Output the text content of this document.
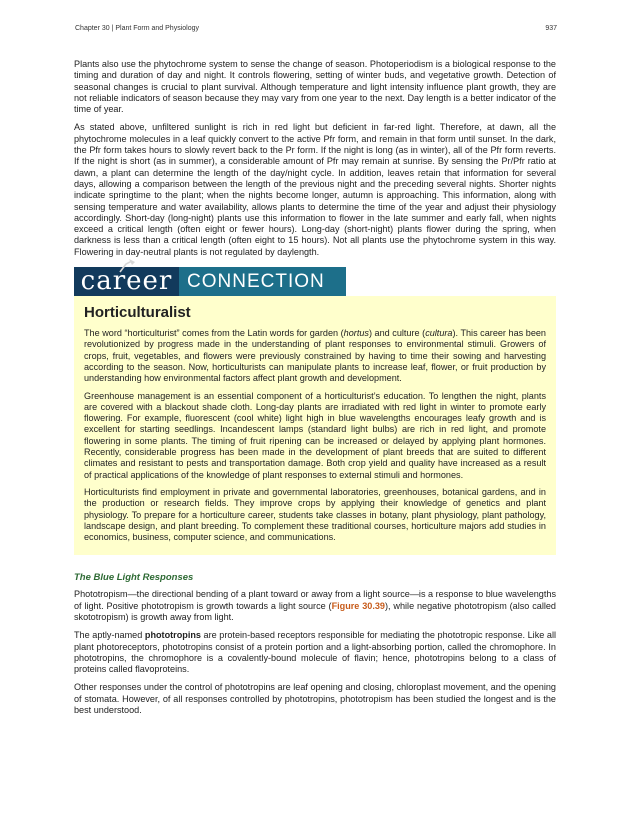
Chapter 30 | Plant Form and Physiology	937

Plants also use the phytochrome system to sense the change of season. Photoperiodism is a biological response to the timing and duration of day and night. It controls flowering, setting of winter buds, and vegetative growth. Detection of seasonal changes is crucial to plant survival. Although temperature and light intensity influence plant growth, they are not reliable indicators of season because they may vary from one year to the next. Day length is a better indicator of the time of year.

As stated above, unfiltered sunlight is rich in red light but deficient in far-red light. Therefore, at dawn, all the phytochrome molecules in a leaf quickly convert to the active Pfr form, and remain in that form until sunset. In the dark, the Pfr form takes hours to slowly revert back to the Pr form. If the night is long (as in winter), all of the Pfr form reverts. If the night is short (as in summer), a considerable amount of Pfr may remain at sunrise. By sensing the Pr/Pfr ratio at dawn, a plant can determine the length of the day/night cycle. In addition, leaves retain that information for several days, allowing a comparison between the length of the previous night and the preceding several nights. Shorter nights indicate springtime to the plant; when the nights become longer, autumn is approaching. This information, along with sensing temperature and water availability, allows plants to determine the time of the year and adjust their physiology accordingly. Short-day (long-night) plants use this information to flower in the late summer and early fall, when nights exceed a critical length (often eight or fewer hours). Long-day (short-night) plants flower during the spring, when darkness is less than a critical length (often eight to 15 hours). Not all plants use the phytochrome system in this way. Flowering in day-neutral plants is not regulated by daylength.

career CONNECTION
Horticulturalist

The word “horticulturist” comes from the Latin words for garden (hortus) and culture (cultura). This career has been revolutionized by progress made in the understanding of plant responses to environmental stimuli. Growers of crops, fruit, vegetables, and flowers were previously constrained by having to time their sowing and harvesting according to the season. Now, horticulturists can manipulate plants to increase leaf, flower, or fruit production by understanding how environmental factors affect plant growth and development.

Greenhouse management is an essential component of a horticulturist’s education. To lengthen the night, plants are covered with a blackout shade cloth. Long-day plants are irradiated with red light in winter to promote early flowering. For example, fluorescent (cool white) light high in blue wavelengths encourages leafy growth and is excellent for starting seedlings. Incandescent lamps (standard light bulbs) are rich in red light, and promote flowering in some plants. The timing of fruit ripening can be increased or delayed by applying plant hormones. Recently, considerable progress has been made in the development of plant breeds that are suited to different climates and resistant to pests and transportation damage. Both crop yield and quality have increased as a result of practical applications of the knowledge of plant responses to external stimuli and hormones.

Horticulturists find employment in private and governmental laboratories, greenhouses, botanical gardens, and in the production or research fields. They improve crops by applying their knowledge of genetics and plant physiology. To prepare for a horticulture career, students take classes in botany, plant physiology, plant pathology, landscape design, and plant breeding. To complement these traditional courses, horticulture majors add studies in economics, business, computer science, and communications.

The Blue Light Responses

Phototropism—the directional bending of a plant toward or away from a light source—is a response to blue wavelengths of light. Positive phototropism is growth towards a light source (Figure 30.39), while negative phototropism (also called skototropism) is growth away from light.

The aptly-named phototropins are protein-based receptors responsible for mediating the phototropic response. Like all plant photoreceptors, phototropins consist of a protein portion and a light-absorbing portion, called the chromophore. In phototropins, the chromophore is a covalently-bound molecule of flavin; hence, phototropins belong to a class of proteins called flavoproteins.

Other responses under the control of phototropins are leaf opening and closing, chloroplast movement, and the opening of stomata. However, of all responses controlled by phototropins, phototropism has been studied the longest and is the best understood.
